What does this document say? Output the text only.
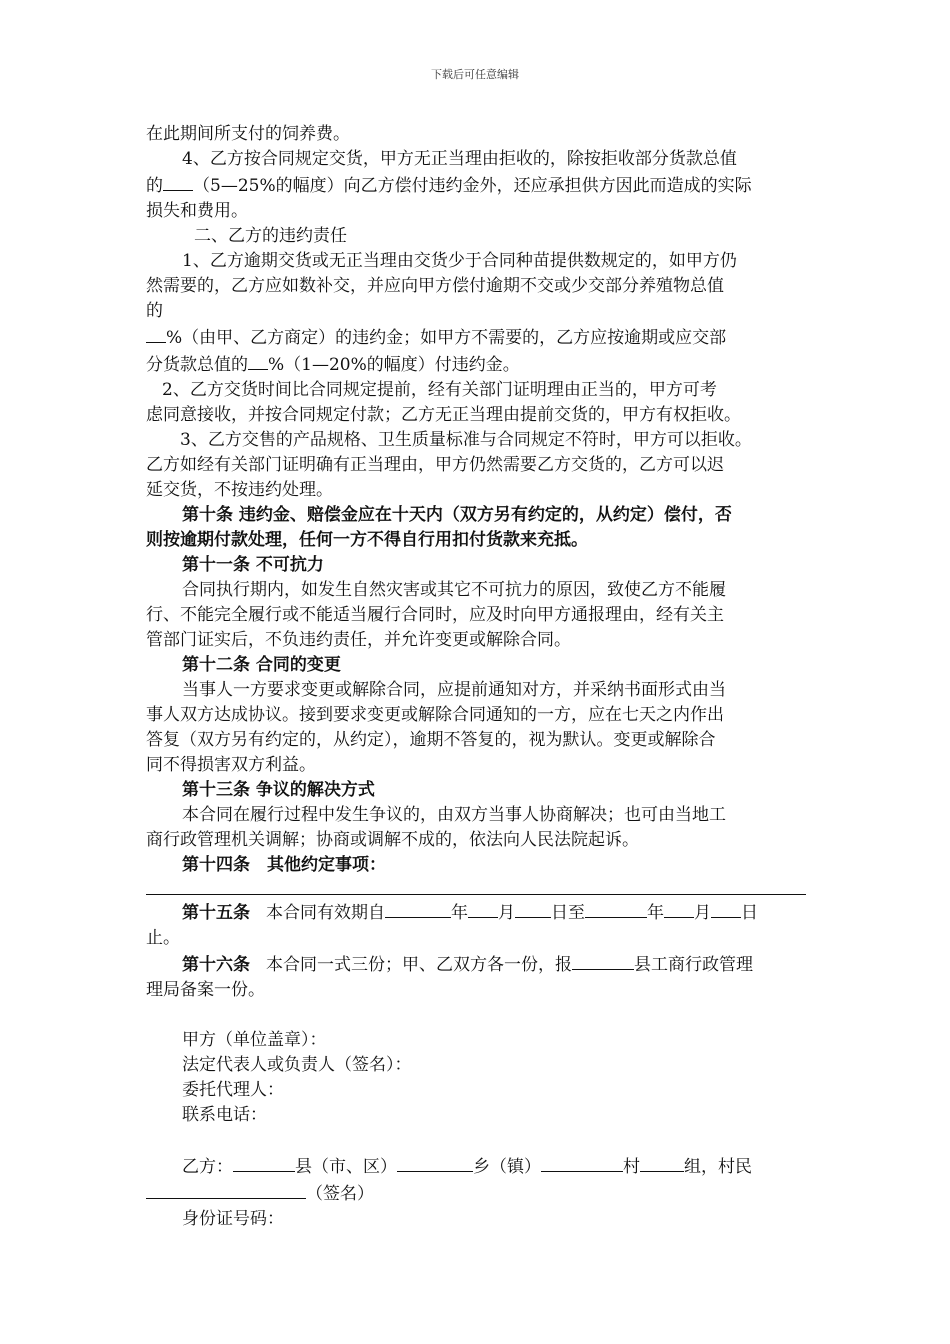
下载后可任意编辑

在此期间所支付的饲养费。

4、乙方按合同规定交货，甲方无正当理由拒收的，除按拒收部分货款总值

的 （5—25%的幅度）向乙方偿付违约金外，还应承担供方因此而造成的实际

损失和费用。

二、乙方的违约责任

1、乙方逾期交货或无正当理由交货少于合同种苗提供数规定的，如甲方仍

然需要的，乙方应如数补交，并应向甲方偿付逾期不交或少交部分养殖物总值

的

%（由甲、乙方商定）的违约金；如甲方不需要的，乙方应按逾期或应交部

分货款总值的 %（1—20%的幅度）付违约金。

2、乙方交货时间比合同规定提前，经有关部门证明理由正当的，甲方可考

虑同意接收，并按合同规定付款；乙方无正当理由提前交货的，甲方有权拒收。

3、乙方交售的产品规格、卫生质量标准与合同规定不符时，甲方可以拒收。

乙方如经有关部门证明确有正当理由，甲方仍然需要乙方交货的，乙方可以迟

延交货，不按违约处理。

第十条 违约金、赔偿金应在十天内（双方另有约定的，从约定）偿付，否

则按逾期付款处理，任何一方不得自行用扣付货款来充抵。

第十一条 不可抗力

合同执行期内，如发生自然灾害或其它不可抗力的原因，致使乙方不能履

行、不能完全履行或不能适当履行合同时，应及时向甲方通报理由，经有关主

管部门证实后，不负违约责任，并允许变更或解除合同。

第十二条 合同的变更

当事人一方要求变更或解除合同，应提前通知对方，并采纳书面形式由当

事人双方达成协议。接到要求变更或解除合同通知的一方，应在七天之内作出

答复（双方另有约定的，从约定），逾期不答复的，视为默认。变更或解除合

同不得损害双方利益。

第十三条 争议的解决方式

本合同在履行过程中发生争议的，由双方当事人协商解决；也可由当地工

商行政管理机关调解；协商或调解不成的，依法向人民法院起诉。

第十四条　其他约定事项：

第十五条 本合同有效期自	年 月 日至	年 月 日

止。

第十六条 本合同一式三份；甲、乙双方各一份，报	县工商行政管理

理局备案一份。

甲方（单位盖章）：

法定代表人或负责人（签名）：

委托代理人：

联系电话：

乙方：	县（市、区）	乡（镇）	村	组，村民

（签名）

身份证号码：
